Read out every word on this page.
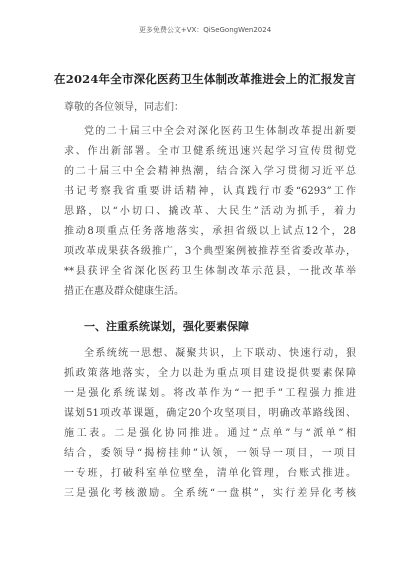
更多免费公文+VX：QiSeGongWen2024
在2024年全市深化医药卫生体制改革推进会上的汇报发言
尊敬的各位领导，同志们：
党的二十届三中全会对深化医药卫生体制改革提出新要
求、作出新部署。全市卫健系统迅速兴起学习宣传贯彻党
的二十届三中全会精神热潮，结合深入学习贯彻习近平总
书记考察我省重要讲话精神，认真践行市委“6293”工作
思路，以“小切口、撬改革、大民生”活动为抓手，着力
推动8项重点任务落地落实，承担省级以上试点12个，28
项改革成果获各级推广，3个典型案例被推荐至省委改革办，
**县获评全省深化医药卫生体制改革示范县，一批改革举
措正在惠及群众健康生活。
一、注重系统谋划，强化要素保障
全系统统一思想、凝聚共识，上下联动、快速行动，狠
抓政策落地落实，全力以赴为重点项目建设提供要素保障
一是强化系统谋划。将改革作为“一把手”工程强力推进
谋划51项改革课题，确定20个攻坚项目，明确改革路线图、
施工表。二是强化协同推进。通过“点单”与“派单”相
结合，委领导“揭榜挂帅”认领，一领导一项目，一项目
一专班，打破科室单位壁垒，清单化管理，台账式推进。
三是强化考核激励。全系统“一盘棋”，实行差异化考核
